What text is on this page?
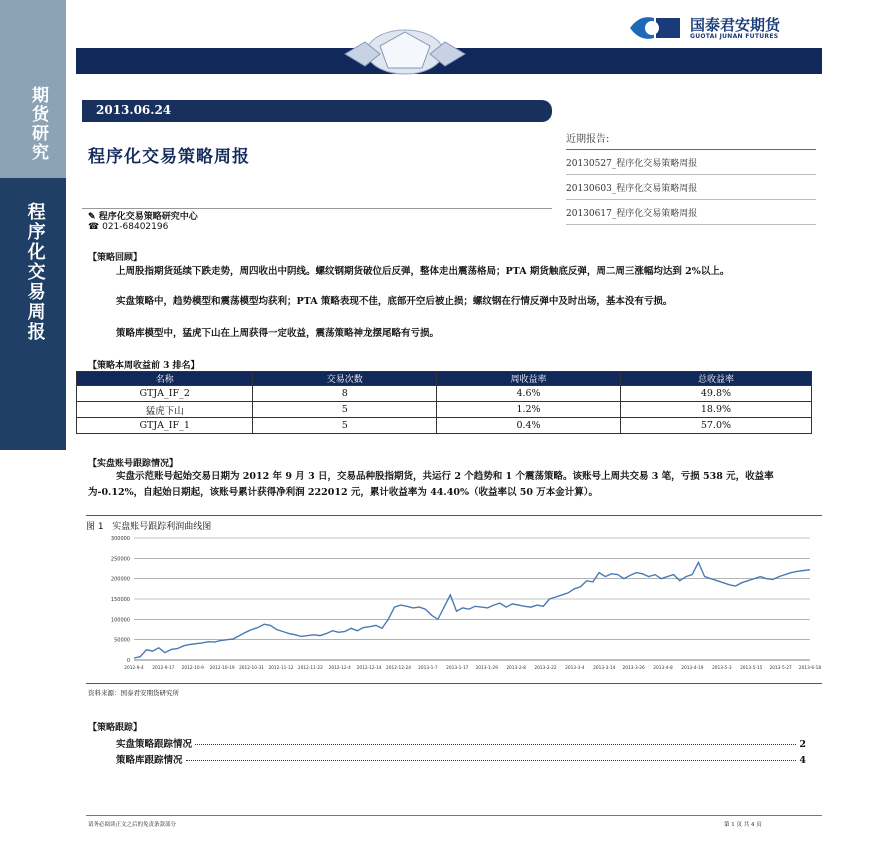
期货研究
程序化交易周报
国泰君安期货
GUOTAI JUNAN FUTURES
2013.06.24
程序化交易策略周报
近期报告:
20130527_程序化交易策略周报
20130603_程序化交易策略周报
20130617_程序化交易策略周报
✎ 程序化交易策略研究中心
☎ 021-68402196
【策略回顾】
上周股指期货延续下跌走势，周四收出中阴线。螺纹钢期货破位后反弹，整体走出震荡格局；PTA 期货触底反弹，周二周三涨幅均达到 2%以上。
实盘策略中，趋势模型和震荡模型均获利；PTA 策略表现不佳，底部开空后被止损；螺纹钢在行情反弹中及时出场，基本没有亏损。
策略库模型中，猛虎下山在上周获得一定收益，震荡策略神龙摆尾略有亏损。
【策略本周收益前 3 排名】
名称	交易次数	周收益率	总收益率
GTJA_IF_2	8	4.6%	49.8%
猛虎下山	5	1.2%	18.9%
GTJA_IF_1	5	0.4%	57.0%
【实盘账号跟踪情况】
实盘示范账号起始交易日期为 2012 年 9 月 3 日，交易品种股指期货，共运行 2 个趋势和 1 个震荡策略。该账号上周共交易 3 笔，亏损 538 元，收益率为-0.12%，自起始日期起，该账号累计获得净利润 222012 元，累计收益率为 44.40%（收益率以 50 万本金计算）。
图 1 实盘账号跟踪利润曲线图
0
50000
100000
150000
200000
250000
300000
2012-9-4 2012-9-17 2012-10-9 2012-10-19 2012-10-31 2012-11-12 2012-11-22 2012-12-4 2012-12-14 2012-12-24 2013-1-7 2013-1-17 2013-1-29 2013-2-8 2013-2-22 2013-3-4 2013-3-14 2013-3-26 2013-4-8 2013-4-19 2013-5-3 2013-5-15 2013-5-27 2013-6-18
资料来源：国泰君安期货研究所
【策略跟踪】
实盘策略跟踪情况	2
策略库跟踪情况	4
请务必阅读正文之后的免责条款部分	第 1 页 共 4 页
